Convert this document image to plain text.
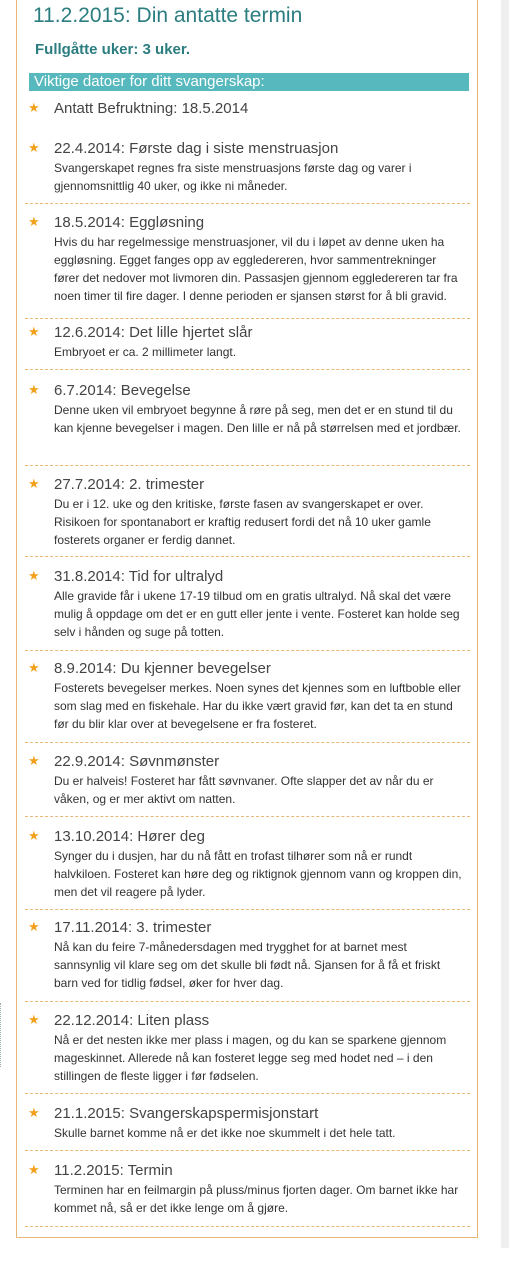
11.2.2015: Din antatte termin

Fullgåtte uker: 3 uker.

Viktige datoer for ditt svangerskap:
★ Antatt Befruktning: 18.5.2014
★ 22.4.2014: Første dag i siste menstruasjon
Svangerskapet regnes fra siste menstruasjons første dag og varer i gjennomsnittlig 40 uker, og ikke ni måneder.
★ 18.5.2014: Eggløsning
Hvis du har regelmessige menstruasjoner, vil du i løpet av denne uken ha eggløsning. Egget fanges opp av eggledereren, hvor sammentrekninger fører det nedover mot livmoren din. Passasjen gjennom eggledereren tar fra noen timer til fire dager. I denne perioden er sjansen størst for å bli gravid.
★ 12.6.2014: Det lille hjertet slår
Embryoet er ca. 2 millimeter langt.
★ 6.7.2014: Bevegelse
Denne uken vil embryoet begynne å røre på seg, men det er en stund til du kan kjenne bevegelser i magen. Den lille er nå på størrelsen med et jordbær.
★ 27.7.2014: 2. trimester
Du er i 12. uke og den kritiske, første fasen av svangerskapet er over. Risikoen for spontanabort er kraftig redusert fordi det nå 10 uker gamle fosterets organer er ferdig dannet.
★ 31.8.2014: Tid for ultralyd
Alle gravide får i ukene 17-19 tilbud om en gratis ultralyd. Nå skal det være mulig å oppdage om det er en gutt eller jente i vente. Fosteret kan holde seg selv i hånden og suge på totten.
★ 8.9.2014: Du kjenner bevegelser
Fosterets bevegelser merkes. Noen synes det kjennes som en luftboble eller som slag med en fiskehale. Har du ikke vært gravid før, kan det ta en stund før du blir klar over at bevegelsene er fra fosteret.
★ 22.9.2014: Søvnmønster
Du er halveis! Fosteret har fått søvnvaner. Ofte slapper det av når du er våken, og er mer aktivt om natten.
★ 13.10.2014: Hører deg
Synger du i dusjen, har du nå fått en trofast tilhører som nå er rundt halvkiloen. Fosteret kan høre deg og riktignok gjennom vann og kroppen din, men det vil reagere på lyder.
★ 17.11.2014: 3. trimester
Nå kan du feire 7-månedersdagen med trygghet for at barnet mest sannsynlig vil klare seg om det skulle bli født nå. Sjansen for å få et friskt barn ved for tidlig fødsel, øker for hver dag.
★ 22.12.2014: Liten plass
Nå er det nesten ikke mer plass i magen, og du kan se sparkene gjennom mageskinnet. Allerede nå kan fosteret legge seg med hodet ned – i den stillingen de fleste ligger i før fødselen.
★ 21.1.2015: Svangerskapspermisjonstart
Skulle barnet komme nå er det ikke noe skummelt i det hele tatt.
★ 11.2.2015: Termin
Terminen har en feilmargin på pluss/minus fjorten dager. Om barnet ikke har kommet nå, så er det ikke lenge om å gjøre.
